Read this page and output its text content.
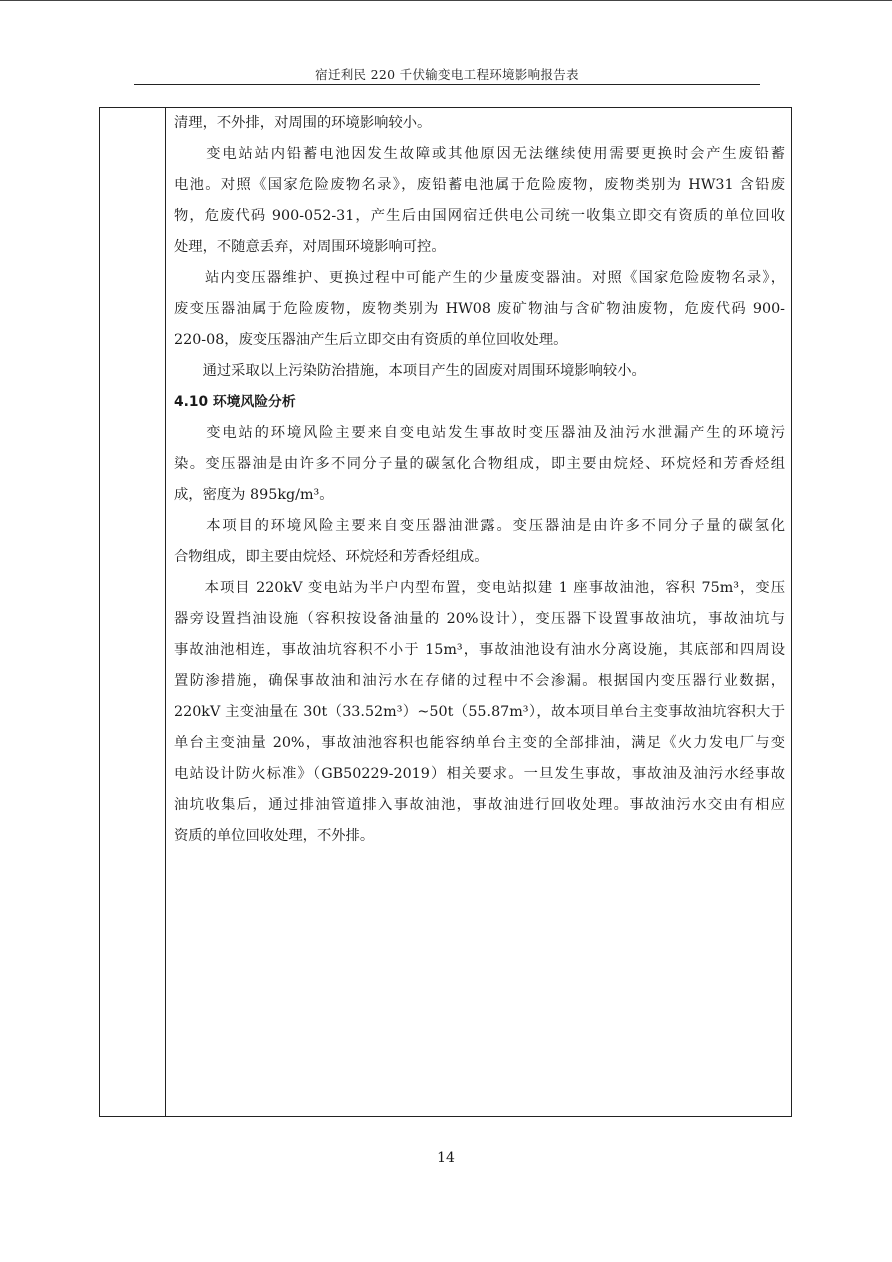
宿迁利民 220 千伏输变电工程环境影响报告表
清理，不外排，对周围的环境影响较小。
　　变电站站内铅蓄电池因发生故障或其他原因无法继续使用需要更换时会产生废铅蓄
电池。对照《国家危险废物名录》，废铅蓄电池属于危险废物，废物类别为 HW31 含铅废
物，危废代码 900-052-31，产生后由国网宿迁供电公司统一收集立即交有资质的单位回收
处理，不随意丢弃，对周围环境影响可控。
　　站内变压器维护、更换过程中可能产生的少量废变器油。对照《国家危险废物名录》，
废变压器油属于危险废物，废物类别为 HW08 废矿物油与含矿物油废物，危废代码 900-
220-08，废变压器油产生后立即交由有资质的单位回收处理。
　　通过采取以上污染防治措施，本项目产生的固废对周围环境影响较小。
4.10 环境风险分析
　　变电站的环境风险主要来自变电站发生事故时变压器油及油污水泄漏产生的环境污
染。变压器油是由许多不同分子量的碳氢化合物组成，即主要由烷烃、环烷烃和芳香烃组
成，密度为 895kg/m³。
　　本项目的环境风险主要来自变压器油泄露。变压器油是由许多不同分子量的碳氢化
合物组成，即主要由烷烃、环烷烃和芳香烃组成。
　　本项目 220kV 变电站为半户内型布置，变电站拟建 1 座事故油池，容积 75m³，变压
器旁设置挡油设施（容积按设备油量的 20%设计），变压器下设置事故油坑，事故油坑与
事故油池相连，事故油坑容积不小于 15m³，事故油池设有油水分离设施，其底部和四周设
置防渗措施，确保事故油和油污水在存储的过程中不会渗漏。根据国内变压器行业数据，
220kV 主变油量在 30t（33.52m³）~50t（55.87m³），故本项目单台主变事故油坑容积大于
单台主变油量 20%，事故油池容积也能容纳单台主变的全部排油，满足《火力发电厂与变
电站设计防火标准》（GB50229-2019）相关要求。一旦发生事故，事故油及油污水经事故
油坑收集后，通过排油管道排入事故油池，事故油进行回收处理。事故油污水交由有相应
资质的单位回收处理，不外排。
14
